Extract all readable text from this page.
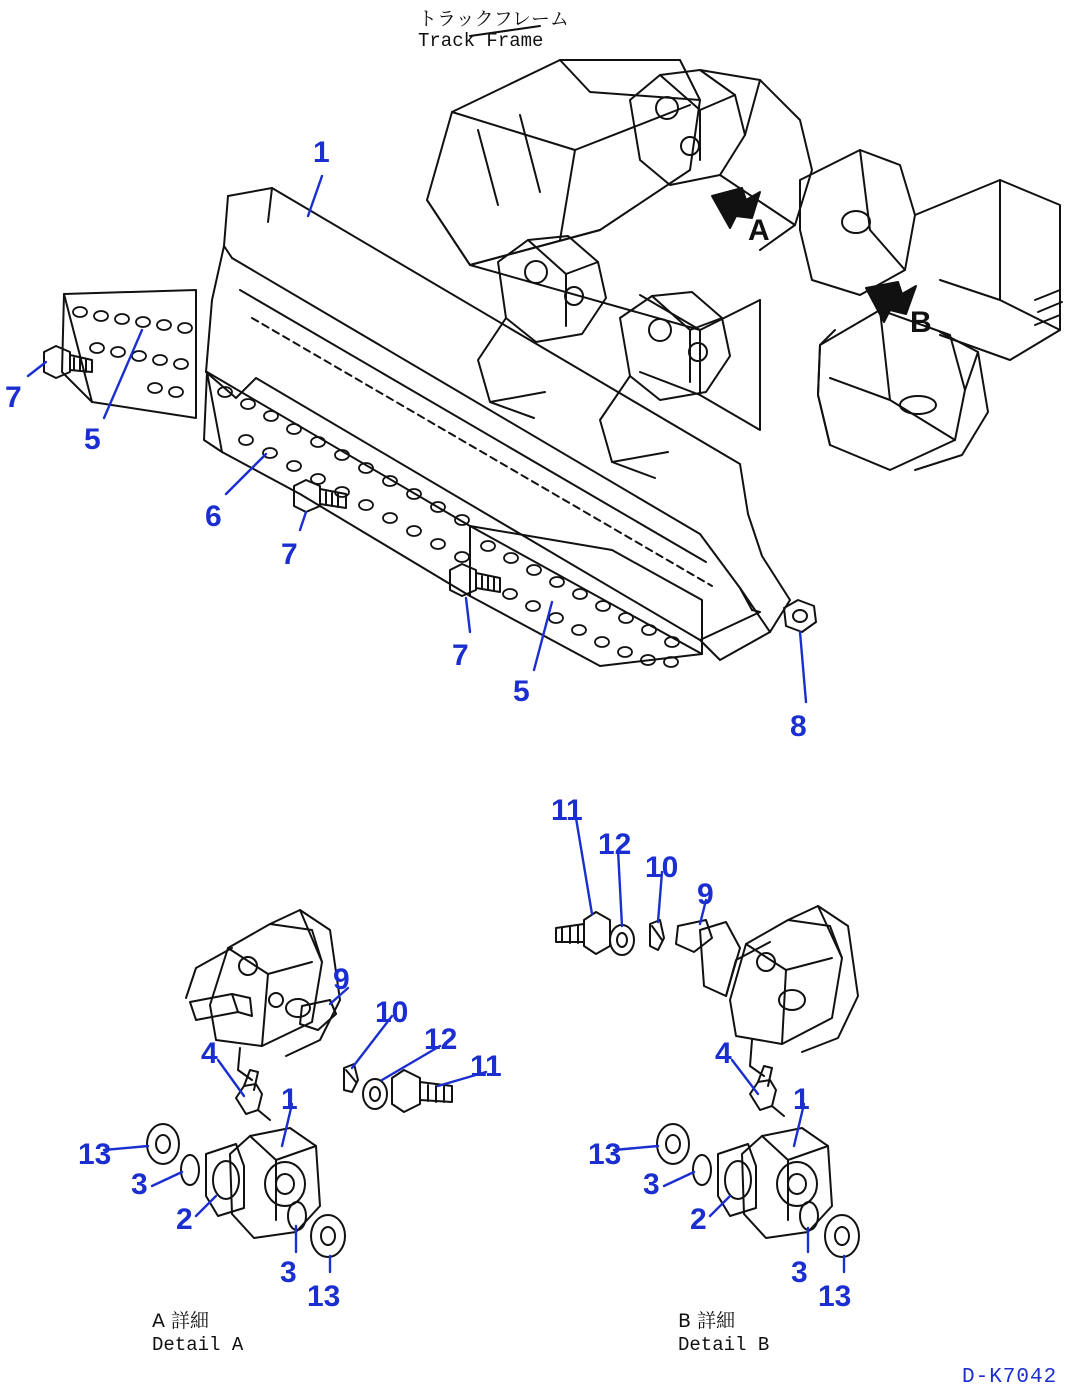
トラックフレーム
Track Frame
A
B
A 詳細
Detail A
B 詳細
Detail B
D-K7042
1
7
5
6
7
7
5
8
11
12
10
9
9
10
12
11
4
1
13
3
2
3
13
4
1
13
3
2
3
13
